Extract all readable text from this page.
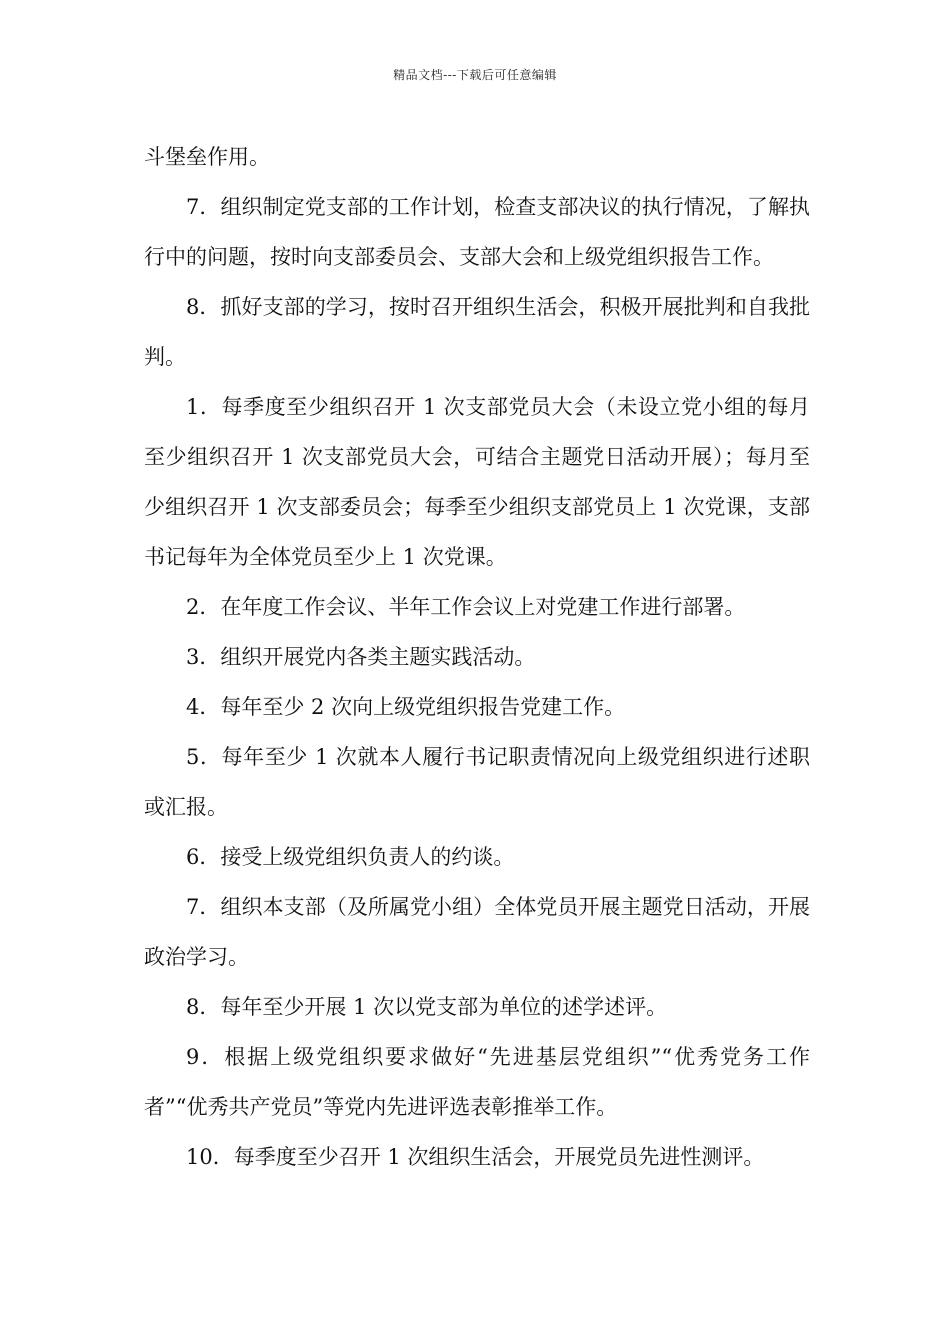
精品文档---下载后可任意编辑

斗堡垒作用。

7．组织制定党支部的工作计划，检查支部决议的执行情况，了解执行中的问题，按时向支部委员会、支部大会和上级党组织报告工作。

8．抓好支部的学习，按时召开组织生活会，积极开展批判和自我批判。

1．每季度至少组织召开 1 次支部党员大会（未设立党小组的每月至少组织召开 1 次支部党员大会，可结合主题党日活动开展）；每月至少组织召开 1 次支部委员会；每季至少组织支部党员上 1 次党课，支部书记每年为全体党员至少上 1 次党课。

2．在年度工作会议、半年工作会议上对党建工作进行部署。

3．组织开展党内各类主题实践活动。

4．每年至少 2 次向上级党组织报告党建工作。

5．每年至少 1 次就本人履行书记职责情况向上级党组织进行述职或汇报。

6．接受上级党组织负责人的约谈。

7．组织本支部（及所属党小组）全体党员开展主题党日活动，开展政治学习。

8．每年至少开展 1 次以党支部为单位的述学述评。

9．根据上级党组织要求做好“先进基层党组织”“优秀党务工作者”“优秀共产党员”等党内先进评选表彰推举工作。

10．每季度至少召开 1 次组织生活会，开展党员先进性测评。
